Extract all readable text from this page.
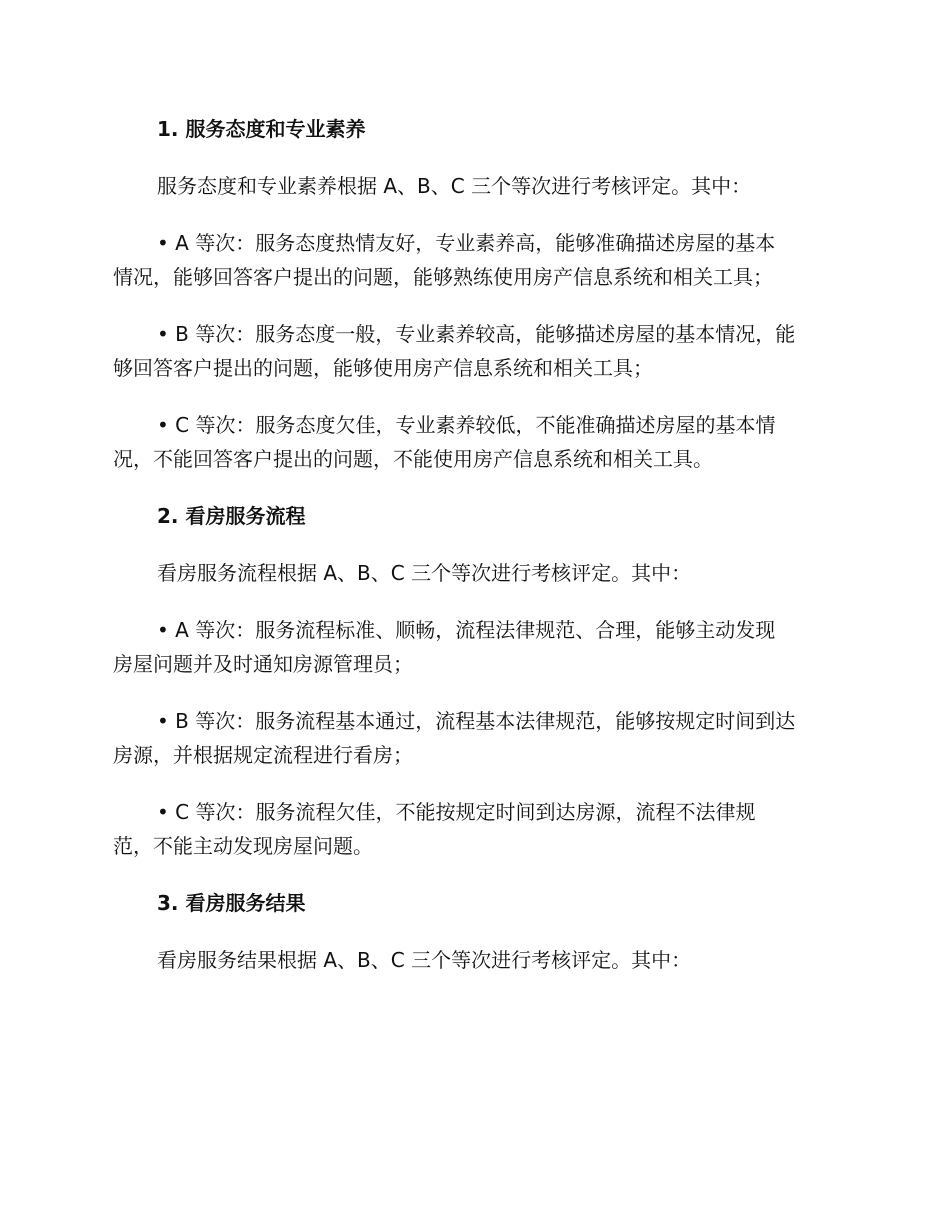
1. 服务态度和专业素养
服务态度和专业素养根据 A、B、C 三个等次进行考核评定。其中：
• A 等次：服务态度热情友好，专业素养高，能够准确描述房屋的基本
情况，能够回答客户提出的问题，能够熟练使用房产信息系统和相关工具；
• B 等次：服务态度一般，专业素养较高，能够描述房屋的基本情况，能
够回答客户提出的问题，能够使用房产信息系统和相关工具；
• C 等次：服务态度欠佳，专业素养较低，不能准确描述房屋的基本情
况，不能回答客户提出的问题，不能使用房产信息系统和相关工具。
2. 看房服务流程
看房服务流程根据 A、B、C 三个等次进行考核评定。其中：
• A 等次：服务流程标准、顺畅，流程法律规范、合理，能够主动发现
房屋问题并及时通知房源管理员；
• B 等次：服务流程基本通过，流程基本法律规范，能够按规定时间到达
房源，并根据规定流程进行看房；
• C 等次：服务流程欠佳，不能按规定时间到达房源，流程不法律规
范，不能主动发现房屋问题。
3. 看房服务结果
看房服务结果根据 A、B、C 三个等次进行考核评定。其中：
